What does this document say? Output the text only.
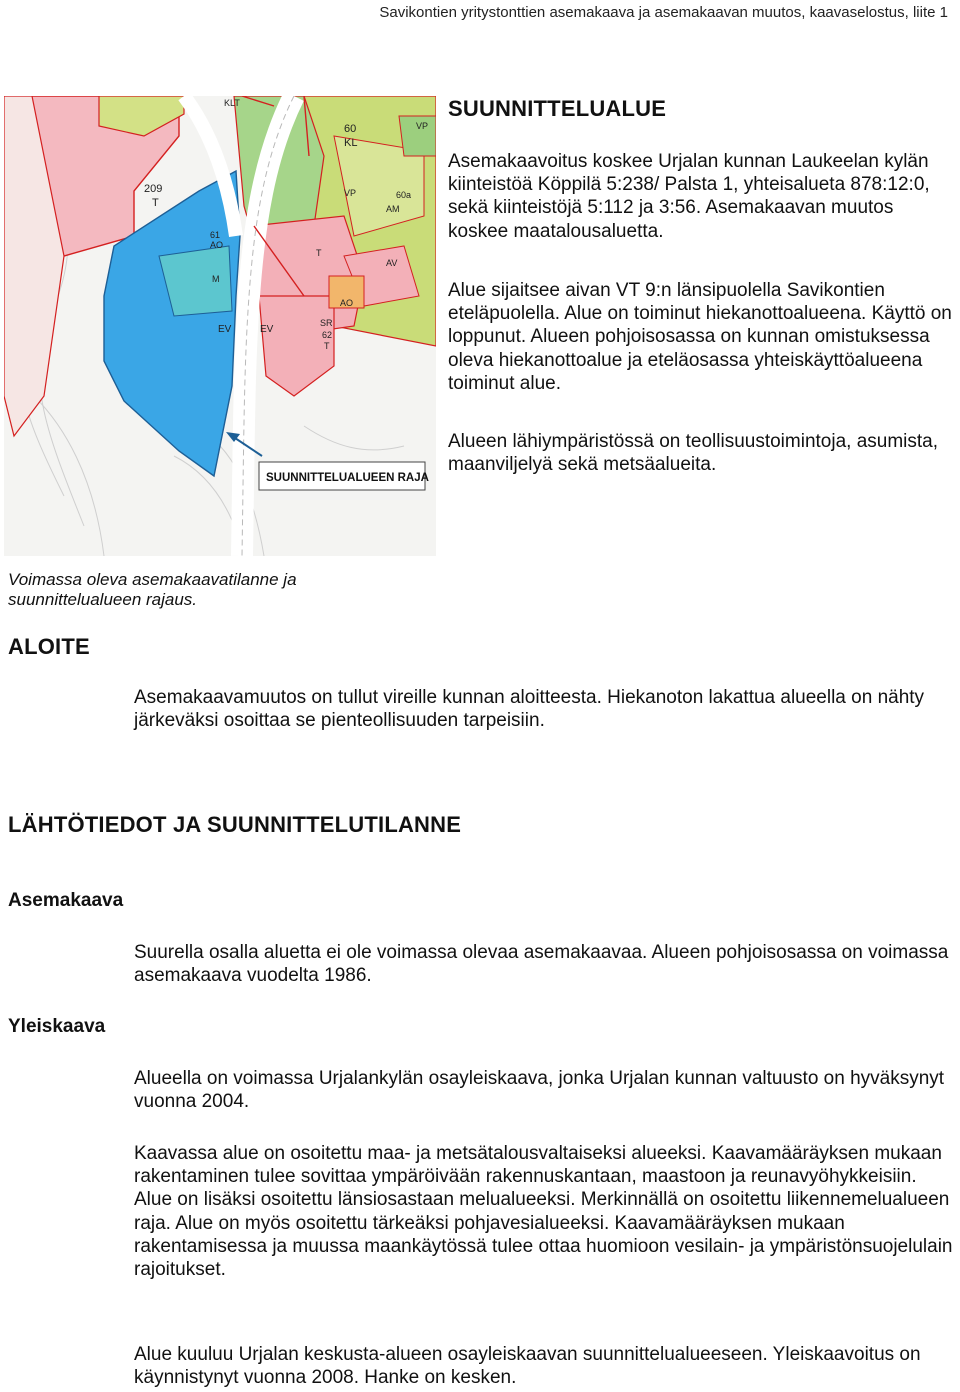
Savikontien yritystonttien asemakaava ja asemakaavan muutos, kaavaselostus, liite 1
SUUNNITTELUALUEEN RAJA
KLT
60
KL
VP
209
T
VP	60a
AM
61
AO
M
T
AO
AV
EV	EV
SR
62
T
Voimassa oleva asemakaavatilanne ja suunnittelualueen rajaus.
SUUNNITTELUALUE

Asemakaavoitus koskee Urjalan kunnan Laukeelan kylän kiinteistöä Köppilä 5:238/ Palsta 1, yhteisalueta 878:12:0, sekä kiinteistöjä 5:112 ja 3:56. Asemakaavan muutos koskee maatalousaluetta.

Alue sijaitsee aivan VT 9:n länsipuolella Savikontien eteläpuolella. Alue on toiminut hiekanottoalueena. Käyttö on loppunut. Alueen pohjoisosassa on kunnan omistuksessa oleva hiekanottoalue ja eteläosassa yhteiskäyttöalueena toiminut alue.

Alueen lähiympäristössä on teollisuustoimintoja, asumista, maanviljelyä sekä metsäalueita.

ALOITE

Asemakaavamuutos on tullut vireille kunnan aloitteesta. Hiekanoton lakattua alueella on nähty järkeväksi osoittaa se pienteollisuuden tarpeisiin.

LÄHTÖTIEDOT JA SUUNNITTELUTILANNE
Asemakaava

Suurella osalla aluetta ei ole voimassa olevaa asemakaavaa. Alueen pohjoisosassa on voimassa asemakaava vuodelta 1986.

Yleiskaava

Alueella on voimassa Urjalankylän osayleiskaava, jonka Urjalan kunnan valtuusto on hyväksynyt vuonna 2004.

Kaavassa alue on osoitettu maa- ja metsätalousvaltaiseksi alueeksi. Kaavamääräyksen mukaan rakentaminen tulee sovittaa ympäröivään rakennuskantaan, maastoon ja reunavyöhykkeisiin. Alue on lisäksi osoitettu länsiosastaan melualueeksi. Merkinnällä on osoitettu liikennemelualueen raja. Alue on myös osoitettu tärkeäksi pohjavesialueeksi. Kaavamääräyksen mukaan rakentamisessa ja muussa maankäytössä tulee ottaa huomioon vesilain- ja ympäristönsuojelulain rajoitukset.

Alue kuuluu Urjalan keskusta-alueen osayleiskaavan suunnittelualueeseen. Yleiskaavoitus on käynnistynyt vuonna 2008. Hanke on kesken.
